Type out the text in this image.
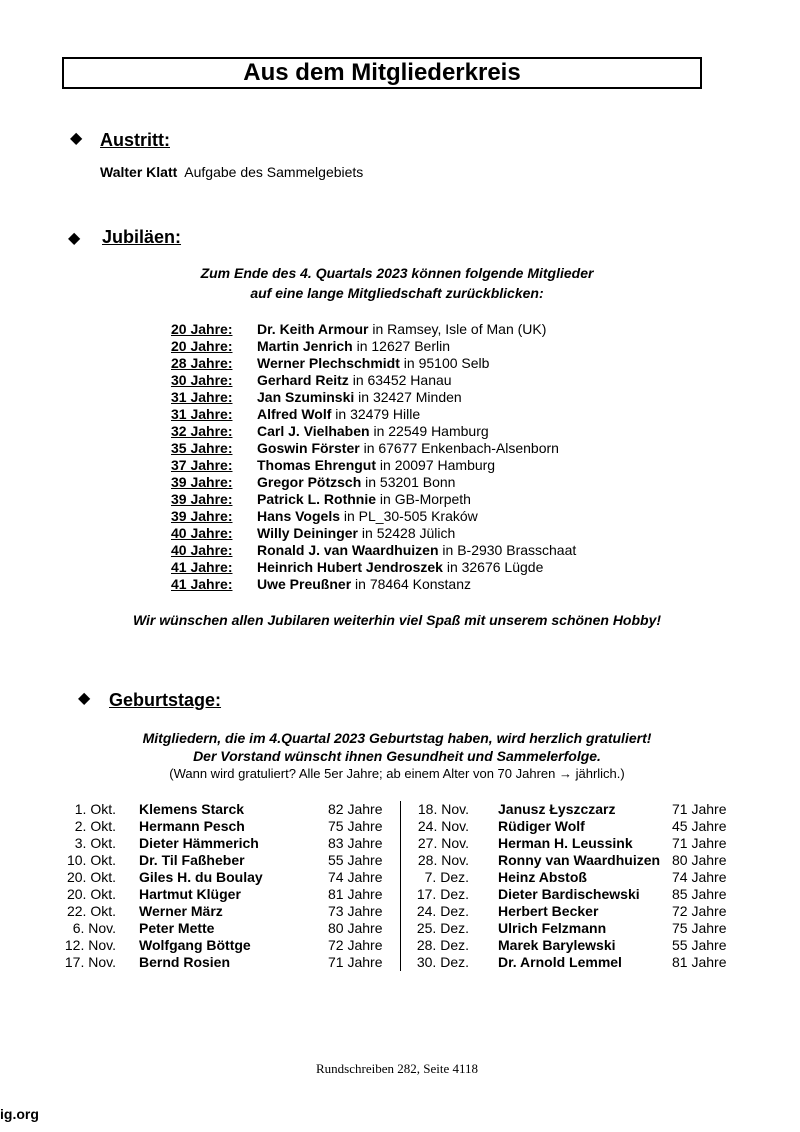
Aus dem Mitgliederkreis
◆ Austritt:
Walter Klatt Aufgabe des Sammelgebiets
◆ Jubiläen:
Zum Ende des 4. Quartals 2023 können folgende Mitglieder
auf eine lange Mitgliedschaft zurückblicken:
20 Jahre: Dr. Keith Armour in Ramsey, Isle of Man (UK)
20 Jahre: Martin Jenrich in 12627 Berlin
28 Jahre: Werner Plechschmidt in 95100 Selb
30 Jahre: Gerhard Reitz in 63452 Hanau
31 Jahre: Jan Szuminski in 32427 Minden
31 Jahre: Alfred Wolf in 32479 Hille
32 Jahre: Carl J. Vielhaben in 22549 Hamburg
35 Jahre: Goswin Förster in 67677 Enkenbach-Alsenborn
37 Jahre: Thomas Ehrengut in 20097 Hamburg
39 Jahre: Gregor Pötzsch in 53201 Bonn
39 Jahre: Patrick L. Rothnie in GB-Morpeth
39 Jahre: Hans Vogels in PL_30-505 Kraków
40 Jahre: Willy Deininger in 52428 Jülich
40 Jahre: Ronald J. van Waardhuizen in B-2930 Brasschaat
41 Jahre: Heinrich Hubert Jendroszek in 32676 Lügde
41 Jahre: Uwe Preußner in 78464 Konstanz
Wir wünschen allen Jubilaren weiterhin viel Spaß mit unserem schönen Hobby!
◆ Geburtstage:
Mitgliedern, die im 4.Quartal 2023 Geburtstag haben, wird herzlich gratuliert!
Der Vorstand wünscht ihnen Gesundheit und Sammelerfolge.
(Wann wird gratuliert? Alle 5er Jahre; ab einem Alter von 70 Jahren → jährlich.)
1. Okt. Klemens Starck	82 Jahre
2. Okt. Hermann Pesch	75 Jahre
3. Okt. Dieter Hämmerich	83 Jahre
10. Okt. Dr. Til Faßheber	55 Jahre
20. Okt. Giles H. du Boulay	74 Jahre
20. Okt. Hartmut Klüger	81 Jahre
22. Okt. Werner März	73 Jahre
6. Nov. Peter Mette	80 Jahre
12. Nov. Wolfgang Böttge	72 Jahre
17. Nov. Bernd Rosien	71 Jahre
18. Nov. Janusz Łyszczarz	71 Jahre
24. Nov. Rüdiger Wolf	45 Jahre
27. Nov. Herman H. Leussink	71 Jahre
28. Nov. Ronny van Waardhuizen 80 Jahre
7. Dez. Heinz Abstoß	74 Jahre
17. Dez. Dieter Bardischewski 85 Jahre
24. Dez. Herbert Becker	72 Jahre
25. Dez. Ulrich Felzmann	75 Jahre
28. Dez. Marek Barylewski	55 Jahre
30. Dez. Dr. Arnold Lemmel	81 Jahre
Rundschreiben 282, Seite 4118
ig.org
